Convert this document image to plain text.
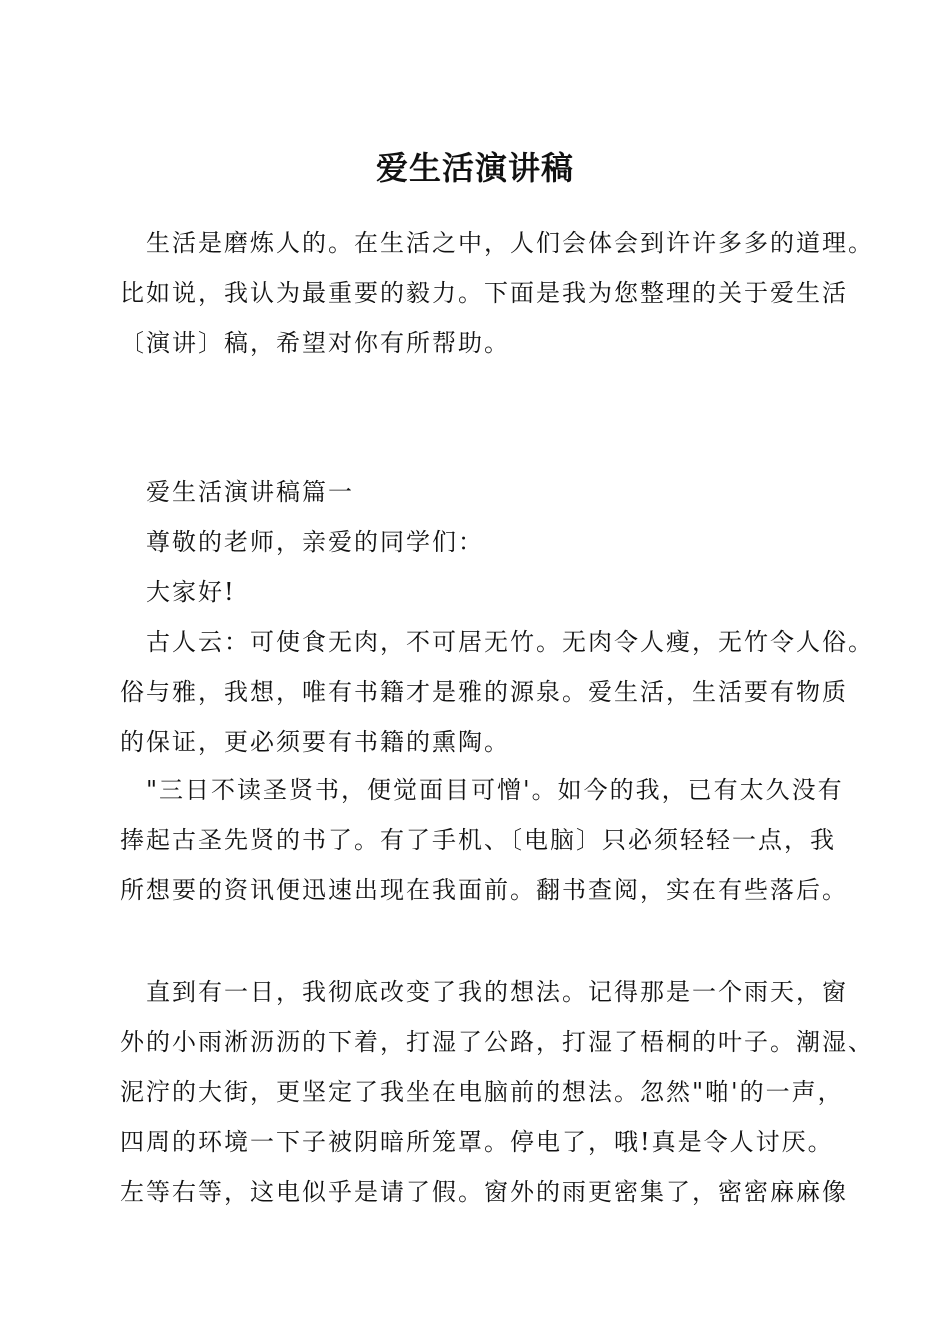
爱生活演讲稿
生活是磨炼人的。在生活之中，人们会体会到许许多多的道理。
比如说，我认为最重要的毅力。下面是我为您整理的关于爱生活
〔演讲〕稿，希望对你有所帮助。
爱生活演讲稿篇一
尊敬的老师，亲爱的同学们：
大家好!
古人云：可使食无肉，不可居无竹。无肉令人瘦，无竹令人俗。
俗与雅，我想，唯有书籍才是雅的源泉。爱生活，生活要有物质
的保证，更必须要有书籍的熏陶。
"三日不读圣贤书，便觉面目可憎'。如今的我，已有太久没有
捧起古圣先贤的书了。有了手机、〔电脑〕只必须轻轻一点，我
所想要的资讯便迅速出现在我面前。翻书查阅，实在有些落后。
直到有一日，我彻底改变了我的想法。记得那是一个雨天，窗
外的小雨淅沥沥的下着，打湿了公路，打湿了梧桐的叶子。潮湿、
泥泞的大街，更坚定了我坐在电脑前的想法。忽然"啪'的一声，
四周的环境一下子被阴暗所笼罩。停电了，哦!真是令人讨厌。
左等右等，这电似乎是请了假。窗外的雨更密集了，密密麻麻像
